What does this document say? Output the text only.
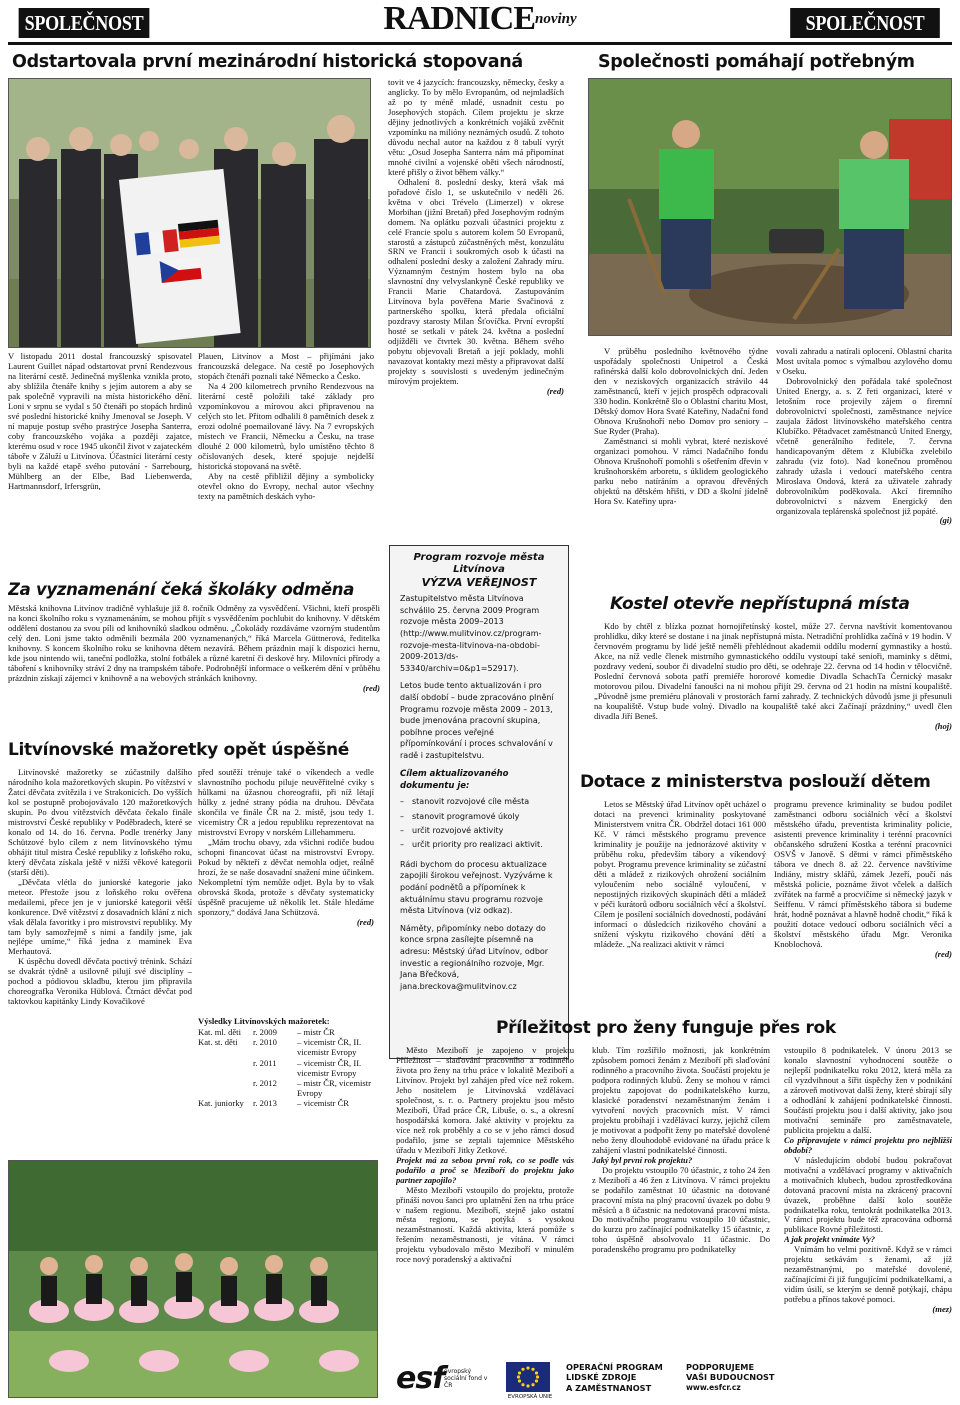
SPOLEČNOST	$RADNICE^{noviny}$	SPOLEČNOST
Odstartovala první mezinárodní historická stopovaná

V listopadu 2011 dostal francouzský spisovatel Laurent Guillet nápad odstartovat první Rendezvous na literární cestě. Jedinečná myšlenka vznikla proto, aby sblížila čtenáře knihy s jejím autorem a aby se pak společně vypravili na místa historického dění. Loni v srpnu se vydal s 50 čtenáři po stopách hrdinů své poslední historické knihy Jmenoval se Joseph. V ní mapuje postup svého prastrýce Josepha Santerra, coby francouzského vojáka a později zajatce, kterému osud v roce 1945 ukončil život v zajateckém táboře v Záluží u Litvínova. Účastníci literární cesty byli na každé etapě svého putování - Sarrebourg, Mühlberg an der Elbe, Bad Liebenwerda, Hartmannsdorf, Irfersgrün,

Plauen, Litvínov a Most – přijímáni jako francouzská delegace. Na cestě po Josephových stopách čtenáři poznali také Německo a Česko.

Na 4 200 kilometrech prvního Rendezvous na literární cestě položili také základy pro vzpomínkovou a mírovou akci připravenou na celých sto let. Přitom odhalili 8 pamětních desek z erozi odolné poemailované lávy. Na 7 evropských místech ve Francii, Německu a Česku, na trase dlouhé 2 000 kilometrů, bylo umístěno těchto 8 očíslovaných desek, které spojuje nejdelší historická stopovaná na světě.

Aby na cestě přibližil dějiny a symbolicky otevřel okno do Evropy, nechal autor všechny texty na pamětních deskách vyho-

tovit ve 4 jazycích: francouzsky, německy, česky a anglicky. To by mělo Evropanům, od nejmladších až po ty méně mladé, usnadnit cestu po Josephových stopách. Cílem projektu je skrze dějiny jednotlivých a konkrétních vojáků zvěčnit vzpomínku na milióny neznámých osudů. Z tohoto důvodu nechal autor na každou z 8 tabulí vyrýt větu: „Osud Josepha Santerra nám má připomínat mnohé civilní a vojenské oběti všech národností, které přišly o život během války.“

Odhalení 8. poslední desky, která však má pořadové číslo 1, se uskutečnilo v neděli 26. května v obci Trévelo (Limerzel) v okrese Morbihan (jižní Bretaň) před Josephovým rodným domem. Na oplátku pozvali účastníci projektu z celé Francie spolu s autorem kolem 50 Evropanů, starostů a zástupců zúčastněných měst, konzulátu SRN ve Francii i soukromých osob k účasti na odhalení poslední desky a založení Zahrady míru. Významným čestným hostem bylo na oba slavnostní dny velvyslankyně České republiky ve Francii Marie Chatardová. Zastupováním Litvínova byla pověřena Marie Svačinová z partnerského spolku, která předala oficiální pozdravy starosty Milan Šťovíčka. První evropští hosté se setkali v pátek 24. května a poslední odjížděli ve čtvrtek 30. května. Během svého pobytu objevovali Bretaň a její poklady, mohli navazovat kontakty mezi městy a připravovat další projekty s souvislosti s uvedeným jedinečným mírovým projektem.

(red)

Společnosti pomáhají potřebným

V průběhu posledního květnového týdne uspořádaly společnosti Unipetrol a Česká rafinérská další kolo dobrovolnických dní. Jeden den v neziskových organizacích strávilo 44 zaměstnanců, kteří v jejich prospěch odpracovali 330 hodin. Konkrétně šlo o Oblastní charitu Most, Dětský domov Hora Svaté Kateřiny, Nadační fond Obnova Krušnohoří nebo Domov pro seniory – Sue Ryder (Praha).

Zaměstnanci si mohli vybrat, které neziskové organizaci pomohou. V rámci Nadačního fondu Obnova Krušnohoří pomohli s ošetřením dřevin v krušnohorském arboretu, s úklidem geologického parku nebo natíráním a opravou dřevěných objektů na dětském hřišti, v DD a školní jídelně Hora Sv. Kateřiny upra-

vovali zahradu a natírali oplocení. Oblastní charita Most uvítala pomoc s výmalbou azylového domu v Oseku.

Dobrovolnický den pořádala také společnost United Energy, a. s. Z řeti organizací, které v letošním roce projevily zájem o firemní dobrovolnictví společnosti, zaměstnance nejvíce zaujala žádost litvínovského mateřského centra Klubíčko. Pětadvacet zaměstnanců United Energy, včetně generálního ředitele, 7. června handicapovaným dětem z Klubíčka zvelebilo zahradu (viz foto). Nad konečnou proměnou zahrady užasla i vedoucí mateřského centra Miroslava Ondová, která za uživatele zahrady dobrovolníkům poděkovala. Akcí firemního dobrovolnictví s názvem Energický den organizovala teplárenská společnost již popáté.

(gi)

Za vyznamenání čeká školáky odměna

Městská knihovna Litvínov tradičně vyhlašuje již 8. ročník Odměny za vysvědčení. Všichni, kteří prospěli na konci školního roku s vyznamenáním, se mohou přijít s vysvědčením pochlubit do knihovny. V dětském oddělení dostanou za svou píli od knihovníků sladkou odměnu. „Čokolády rozdáváme vzorným studentům celý den. Loni jsme takto odměnili bezmála 200 vyznamenaných,“ říká Marcela Güttnerová, ředitelka knihovny. S koncem školního roku se knihovna dětem nezavírá. Během prázdnin mají k dispozici hernu, kde jsou nintendo wii, taneční podložka, stolní fotbálek a různé karetní či deskové hry. Milovníci přírody a táboření s knihovníky stráví 2 dny na trampském táboře. Podrobnější informace o veškerém dění v průběhu prázdnin získají zájemci v knihovně a na webových stránkách knihovny.

(red)

Litvínovské mažoretky opět úspěšné

Litvínovské mažoretky se zúčastnily dalšího národního kola mažoretkových skupin. Po vítězství v Žatci děvčata zvítězila i ve Strakonicích. Do vyšších kol se postupně probojovávalo 120 mažoretkových skupin. Po dvou vítězstvích děvčata čekalo finále mistrovství České republiky v Poděbradech, které se konalo od 14. do 16. června. Podle trenérky Jany Schützové bylo cílem z nem litvínovského týmu obhájit titul mistra České republiky z loňského roku, který děvčata získala ještě v nižší věkové kategorii (starší děti).

„Děvčata vlétla do juniorské kategorie jako meteor. Přestože jsou z loňského roku ověřena medailemi, přece jen je v juniorské kategorii větší konkurence. Dvě vítězství z dosavadních klání z nich však dělala favoritky i pro mistrovství republiky. My tam byly samozřejmě s nimi a fandily jsme, jak nejlépe umíme,“ říká jedna z maminek Eva Merhautová.

K úspěchu dovedl děvčata poctivý trénink. Schází se dvakrát týdně a usilovně pilují své disciplíny – pochod a pódiovou skladbu, kterou jim připravila choreografka Veronika Hüblová. Čtrnáct děvčat pod taktovkou kapitánky Lindy Kovačikové

před soutěží trénuje také o víkendech a vedle slavnostního pochodu piluje neuvěřitelné cviky s hůlkami na úžasnou choreografii, při níž létají hůlky z jedné strany pódia na druhou. Děvčata skončila ve finále ČR na 2. místě, jsou tedy 1. vicemistry ČR a jedou republiku reprezentovat na mistrovství Evropy v norském Lillehammeru.

„Mám trochu obavy, zda všichni rodiče budou schopni financovat účast na mistrovství Evropy. Pokud by někteří z děvčat nemohla odjet, reálně hrozí, že se naše dosavadní snažení mine účinkem. Nekompletní tým nemůže odjet. Byla by to však obrovská škoda, protože s děvčaty systematicky úspěšně pracujeme už několik let. Stále hledáme sponzory,“ dodává Jana Schützová.

(red)

Výsledky Litvínovských mažoretek:
Kat. ml. děti	r. 2009	– mistr ČR
Kat. st. děti	r. 2010	– vicemistr ČR, II. vicemistr Evropy
	r. 2011	– vicemistr ČR, II. vicemistr Evropy
	r. 2012	– mistr ČR, vicemistr Evropy
Kat. juniorky	r. 2013	– vicemistr ČR
Program rozvoje města Litvínova
VÝZVA VEŘEJNOST

Zastupitelstvo města Litvínova schválilo 25. června 2009 Program rozvoje města 2009–2013 (http://www.mulitvinov.cz/program-rozvoje-mesta-litvinova-na-obdobi-2009-2013/ds-53340/archiv=0&p1=52917).

Letos bude tento aktualizován i pro další období – bude zpracováno plnění Programu rozvoje města 2009 – 2013, bude jmenována pracovní skupina, pobíhne proces veřejné přípomínkování i proces schvalování v radě i zastupitelstvu.

Cílem aktualizovaného dokumentu je:
– stanovit rozvojové cíle města
– stanovit programové úkoly
– určit rozvojové aktivity
– určit priority pro realizaci aktivit.

Rádi bychom do procesu aktualizace zapojili širokou veřejnost. Vyzýváme k podání podnětů a přípomínek k aktuálnímu stavu programu rozvoje města Litvínova (viz odkaz).

Náměty, připomínky nebo dotazy do konce srpna zasílejte písemně na adresu: Městský úřad Litvínov, odbor investic a regionálního rozvoje, Mgr. Jana Břečková, jana.breckova@mulitvinov.cz

Kostel otevře nepřístupná místa

Kdo by chtěl z blízka poznat hornojiřetínský kostel, může 27. června navštívit komentovanou prohlídku, díky které se dostane i na jinak nepřístupná místa. Netradiční prohlídka začíná v 19 hodin. V červnovém programu by lidé ještě neměli přehlédnout akademii oddílu moderní gymnastiky a hostů. Akce, na níž vedle členek mistrního gymnastického oddílu vystoupí také senioři, maminky s dětmi, pozdravy vedení, soubor či divadelní studio pro děti, se odehraje 22. června od 14 hodin v tělocvičně. Poslední červnová sobota patří premiéře hororové komedie Divadla SchachTa Černický masakr motorovou pilou. Divadelní fanoušci na ni mohou přijít 29. června od 21 hodin na místní koupaliště. „Původně jsme premiéru plánovali v prostorách farní zahrady. Z technických důvodů jsme ji přesunuli na koupaliště. Vstup bude volný. Divadlo na koupaliště také akci Začínají prázdniny,“ uvedl člen divadla Jiří Beneš.

(hoj)

Dotace z ministerstva poslouží dětem

Letos se Městský úřad Litvínov opět ucházel o dotaci na prevenci kriminality poskytované Ministerstvem vnitra ČR. Obdržel dotaci 161 000 Kč. V rámci městského programu prevence kriminality je použije na jednorázové aktivity v průběhu roku, především tábory a víkendový pobyt. Programu prevence kriminality se zúčastní děti a mládež z rizikových ohrožení sociálním vyloučením nebo sociálně vyloučení, v nepostijných rizikových skupinách děti a mládež v péči kurátorů odboru sociálních věcí a školství. Cílem je posílení sociálních dovedností, podávání informací o důsledcích rizikového chování a snížení výskytu rizikového chování dětí a mládeže. „Na realizaci aktivit v rámci

programu prevence kriminality se budou podílet zaměstnanci odboru sociálních věcí a školství městského úřadu, preventista kriminality policie, asistenti prevence kriminality i terénní pracovníci občanského sdružení Kostka a terénní pracovníci OSVŠ v Janově. S dětmi v rámci příměstského tábora ve dnech 8. až 22. července navštívíme Indiány, mistry sklářů, zámek Jezeří, poučí nás městská policie, poznáme život včelek a dalších zvířátek na farmě a procvičíme si německý jazyk v Seiffenu. V rámci příměstského tábora si budeme hrát, hodně poznávat a hlavně hodně chodit,“ říká k použití dotace vedoucí odboru sociálních věcí a školství městského úřadu Mgr. Veronika Knoblochová.

(red)

Příležitost pro ženy funguje přes rok

Město Meziboří je zapojeno v projektu Příležitost – slaďování pracovního a rodinného života pro ženy na trhu práce v lokalitě Meziboří a Litvínov. Projekt byl zahájen před více než rokem. Jeho nositelem je Litvínovská vzdělávací společnost, s. r. o. Partnery projektu jsou město Meziboří, Úřad práce ČR, Libuše, o. s., a okresní hospodářská komora. Jaké aktivity v projektu za více než rok proběhly a co se v jeho rámci dosud podařilo, jsme se zeptali tajemnice Městského úřadu v Meziboří Jitky Zetkové.

Projekt má za sebou první rok, co se podle vás podařilo a proč se Meziboří do projektu jako partner zapojilo?

Město Meziboří vstoupilo do projektu, protože přináší novou šanci pro uplatnění žen na trhu práce v našem regionu. Meziboří, stejně jako ostatní města regionu, se potýká s vysokou nezaměstnaností. Každá aktivita, která pomůže s řešením nezaměstnanosti, je vítána. V rámci projektu vybudovalo město Meziboří v minulém roce nový poradenský a aktivační

klub. Tím rozšířilo možnosti, jak konkrétním způsobem pomoci ženám z Meziboří při slaďování rodinného a pracovního života. Součástí projektu je podpora rodinných klubů. Ženy se mohou v rámci projektu zapojovat do podnikatelského kurzu, klasické poradenství nezaměstnaným ženám i vytvoření nových pracovních míst. V rámci projektu probíhají i vzdělávací kurzy, jejichž cílem je motivovat a podpořit ženy po mateřské dovolené nebo ženy dlouhodobě evidované na úřadu práce k zahájení vlastní podnikatelské činnosti.

Jaký byl první rok projektu?

Do projektu vstoupilo 70 účastnic, z toho 24 žen z Meziboří a 46 žen z Litvínova. V rámci projektu se podařilo zaměstnat 10 účastnic na dotované pracovní místa na plný pracovní úvazek po dobu 9 měsíců a 8 účastnic na nedotovaná pracovní místa. Do motivačního programu vstoupilo 10 účastnic, do kurzu pro začínající podnikatelky 15 účastnic, z toho úspěšně absolvovalo 11 účastnic. Do poradenského programu pro podnikatelky

vstoupilo 8 podnikatelek. V únoru 2013 se konalo slavnostní vyhodnocení soutěže o nejlepší podnikatelku roku 2012, která měla za cíl vyzdvihnout a šířit úspěchy žen v podnikání a zároveň motivovat další ženy, které sbírají síly a odhodlání k zahájení podnikatelské činnosti. Součástí projektu jsou i další aktivity, jako jsou motivační semináře pro zaměstnavatele, publicita projektu a další.

Co připravujete v rámci projektu pro nejbližší období?

V následujícím období budou pokračovat motivační a vzdělávací programy v aktivačních a motivačních klubech, budou zprostředkována dotovaná pracovní místa na zkrácený pracovní úvazek, proběhne další kolo soutěže podnikatelka roku, tentokrát podnikatelka 2013. V rámci projektu bude též zpracována odborná publikace Rovné příležitosti.

A jak projekt vnímáte Vy?

Vnímám ho velmi pozitivně. Když se v rámci projektu setkávám s ženami, až jíž nezaměstnanými, po mateřské dovolené, začínajícími či již fungujícími podnikatelkami, a vidím úsilí, se kterým se denně potýkají, chápu potřebu a přínos takové pomoci.

(mez)

esf evropský sociální fond v ČR
EVROPSKÁ UNIE
OPERAČNÍ PROGRAM
LIDSKÉ ZDROJE
A ZAMĚSTNANOST
PODPORUJEME
VAŠI BUDOUCNOST
www.esfcr.cz
